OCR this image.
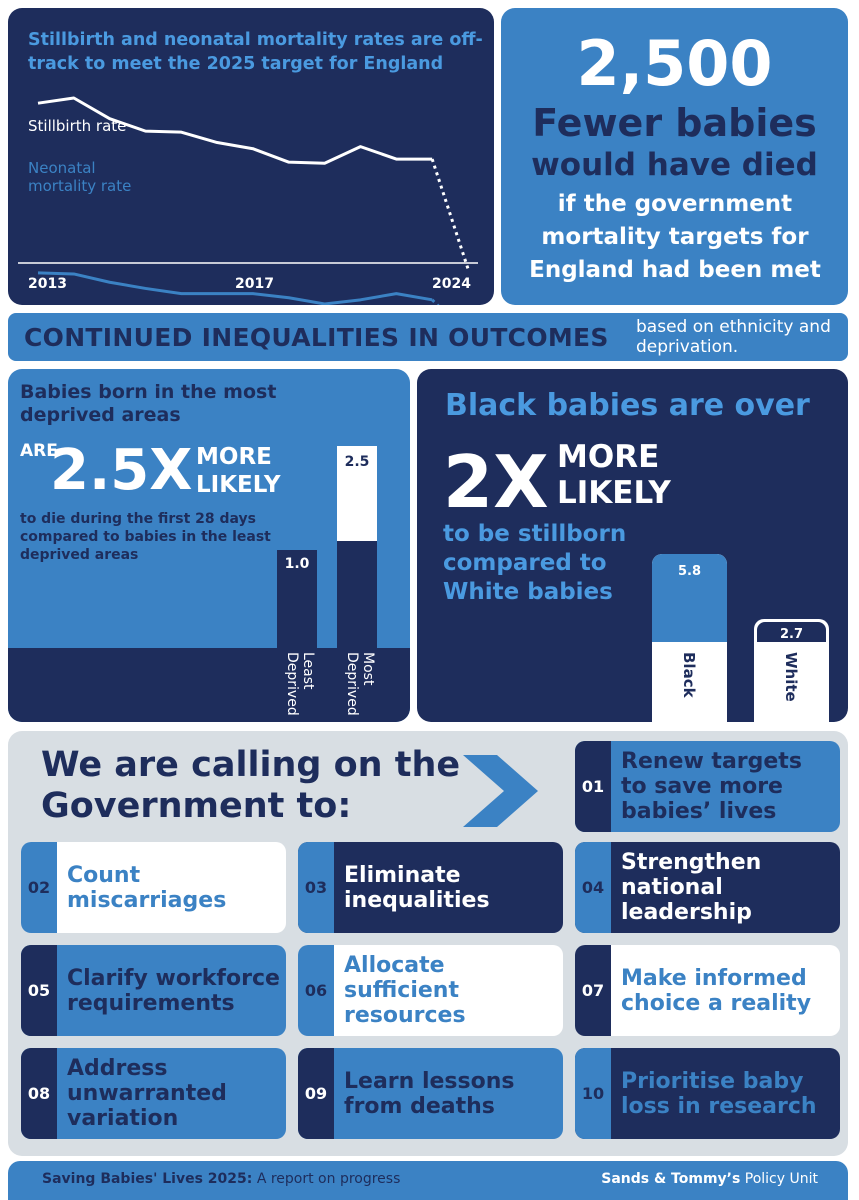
Stillbirth and neonatal mortality rates are off-track to meet the 2025 target for England
Stillbirth rate
Neonatal mortality rate
2013	2017	2024
2,500
Fewer babies
would have died
if the government mortality targets for England had been met
CONTINUED INEQUALITIES IN OUTCOMES based on ethnicity and deprivation.
Babies born in the most deprived areas
ARE
2.5X MORE LIKELY
to die during the first 28 days compared to babies in the least deprived areas
1.0
2.5
Least Deprived	Most Deprived
Black babies are over
2X MORE LIKELY
to be stillborn compared to White babies
5.8
Black
2.7
White
We are calling on the Government to:	01
Renew targets to save more babies’ lives
02 Count miscarriages	03 Eliminate inequalities	04
Strengthen national leadership
05 Clarify workforce requirements	06
Allocate sufficient resources
07 Make informed choice a reality
08
Address unwarranted variation
09 Learn lessons from deaths	10 Prioritise baby loss in research
Saving Babies' Lives 2025: A report on progress	Sands & Tommy’s Policy Unit
